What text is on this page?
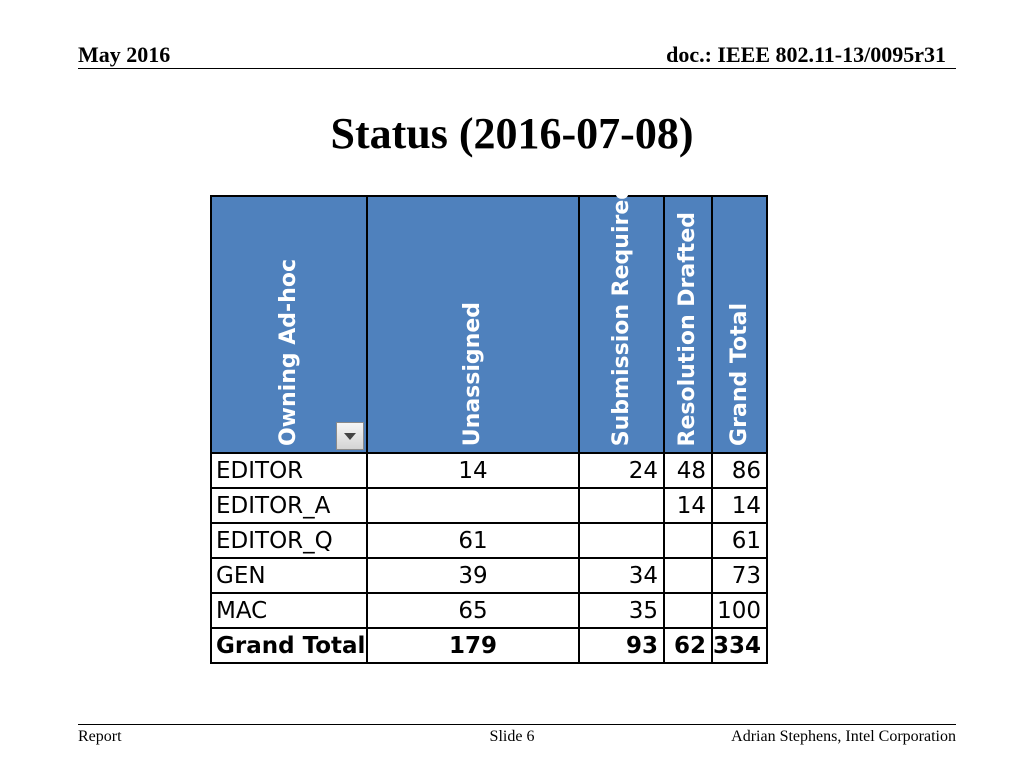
May 2016	doc.: IEEE 802.11-13/0095r31
Status (2016-07-08)
Owning Ad-hoc	Unassigned	Submission Required	Resolution Drafted	Grand Total

EDITOR	14	24	48	86
EDITOR_A			14	14
EDITOR_Q	61			61
GEN	39	34		73
MAC	65	35		100
Grand Total	179	93	62	334
Report	Slide 6	Adrian Stephens, Intel Corporation
